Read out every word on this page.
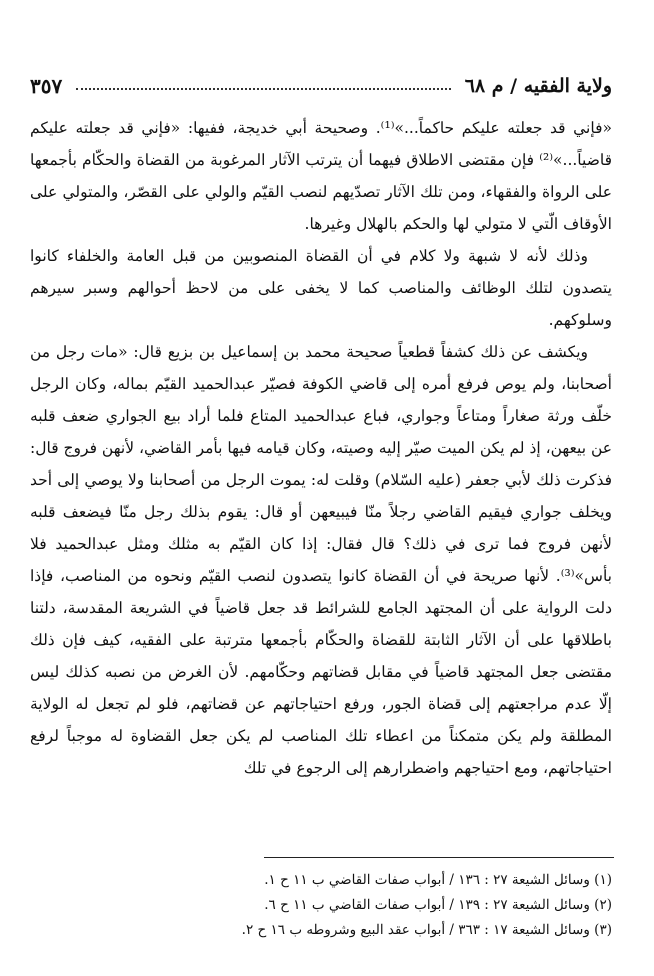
ولاية الفقيه / م ٦٨
٣٥٧

«فإني قد جعلته عليكم حاكماً...»⁽¹⁾. وصحيحة أبي خديجة، ففيها: «فإني قد جعلته عليكم قاضياً...»⁽²⁾ فإن مقتضى الاطلاق فيهما أن يترتب الآثار المرغوبة من القضاة والحكّام بأجمعها على الرواة والفقهاء، ومن تلك الآثار تصدّيهم لنصب القيّم والولي على القصّر، والمتولي على الأوقاف الّتي لا متولي لها والحكم بالهلال وغيرها.

وذلك لأنه لا شبهة ولا كلام في أن القضاة المنصوبين من قبل العامة والخلفاء كانوا يتصدون لتلك الوظائف والمناصب كما لا يخفى على من لاحظ أحوالهم وسبر سيرهم وسلوكهم.

ويكشف عن ذلك كشفاً قطعياً صحيحة محمد بن إسماعيل بن بزيع قال: «مات رجل من أصحابنا، ولم يوص فرفع أمره إلى قاضي الكوفة فصيّر عبدالحميد القيّم بماله، وكان الرجل خلّف ورثة صغاراً ومتاعاً وجواري، فباع عبدالحميد المتاع فلما أراد بيع الجواري ضعف قلبه عن بيعهن، إذ لم يكن الميت صيّر إليه وصيته، وكان قيامه فيها بأمر القاضي، لأنهن فروج قال: فذكرت ذلك لأبي جعفر (عليه السّلام) وقلت له: يموت الرجل من أصحابنا ولا يوصي إلى أحد ويخلف جواري فيقيم القاضي رجلاً منّا فيبيعهن أو قال: يقوم بذلك رجل منّا فيضعف قلبه لأنهن فروج فما ترى في ذلك؟ قال فقال: إذا كان القيّم به مثلك ومثل عبدالحميد فلا بأس»⁽³⁾. لأنها صريحة في أن القضاة كانوا يتصدون لنصب القيّم ونحوه من المناصب، فإذا دلت الرواية على أن المجتهد الجامع للشرائط قد جعل قاضياً في الشريعة المقدسة، دلتنا باطلاقها على أن الآثار الثابتة للقضاة والحكّام بأجمعها مترتبة على الفقيه، كيف فإن ذلك مقتضى جعل المجتهد قاضياً في مقابل قضاتهم وحكّامهم. لأن الغرض من نصبه كذلك ليس إلّا عدم مراجعتهم إلى قضاة الجور، ورفع احتياجاتهم عن قضاتهم، فلو لم تجعل له الولاية المطلقة ولم يكن متمكناً من اعطاء تلك المناصب لم يكن جعل القضاوة له موجباً لرفع احتياجاتهم، ومع احتياجهم واضطرارهم إلى الرجوع في تلك

(١) وسائل الشيعة ٢٧ : ١٣٦ / أبواب صفات القاضي ب ١١ ح ١.
(٢) وسائل الشيعة ٢٧ : ١٣٩ / أبواب صفات القاضي ب ١١ ح ٦.
(٣) وسائل الشيعة ١٧ : ٣٦٣ / أبواب عقد البيع وشروطه ب ١٦ ح ٢.
